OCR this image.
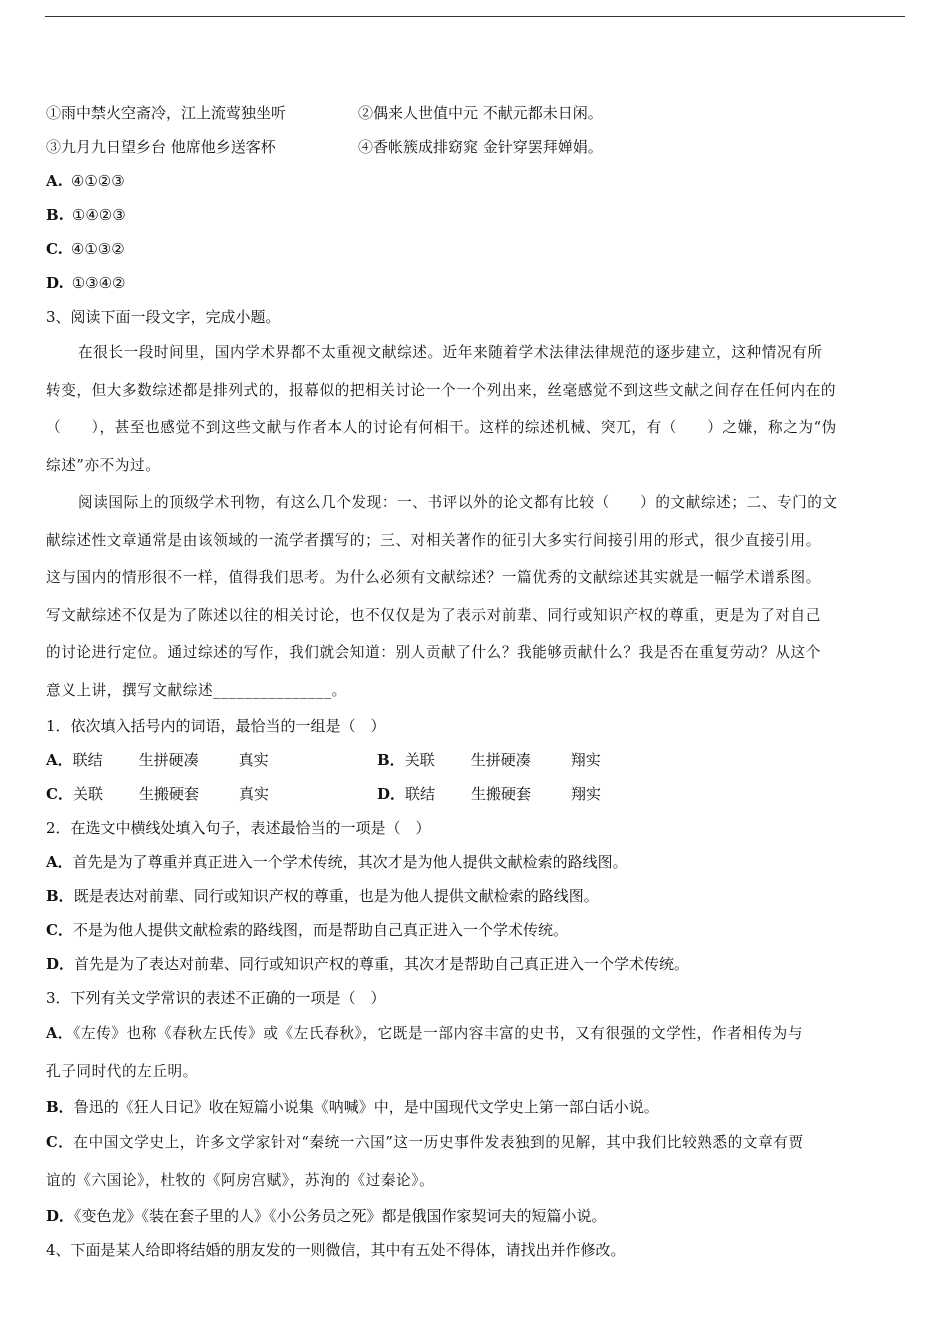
①雨中禁火空斋冷，江上流莺独坐听	②偶来人世值中元 不献元都未日闲。
③九月九日望乡台 他席他乡送客杯	④香帐簇成排窈窕 金针穿罢拜婵娟。
A. ④①②③
B. ①④②③
C. ④①③②
D. ①③④②
3、阅读下面一段文字，完成小题。
在很长一段时间里，国内学术界都不太重视文献综述。近年来随着学术法律法律规范的逐步建立，这种情况有所
转变，但大多数综述都是排列式的，报幕似的把相关讨论一个一个列出来，丝毫感觉不到这些文献之间存在任何内在的
（　　），甚至也感觉不到这些文献与作者本人的讨论有何相干。这样的综述机械、突兀，有（　　）之嫌，称之为“伪
综述”亦不为过。
阅读国际上的顶级学术刊物，有这么几个发现：一、书评以外的论文都有比较（　　）的文献综述；二、专门的文
献综述性文章通常是由该领域的一流学者撰写的；三、对相关著作的征引大多实行间接引用的形式，很少直接引用。
这与国内的情形很不一样，值得我们思考。为什么必须有文献综述？一篇优秀的文献综述其实就是一幅学术谱系图。
写文献综述不仅是为了陈述以往的相关讨论，也不仅仅是为了表示对前辈、同行或知识产权的尊重，更是为了对自己
的讨论进行定位。通过综述的写作，我们就会知道：别人贡献了什么？我能够贡献什么？我是否在重复劳动？从这个
意义上讲，撰写文献综述_______________。
1．依次填入括号内的词语，最恰当的一组是（　）
A．联结 生拼硬凑	真实	B．关联 生拼硬凑	翔实
C．关联 生搬硬套	真实	D．联结 生搬硬套	翔实
2．在选文中横线处填入句子，表述最恰当的一项是（　）
A．首先是为了尊重并真正进入一个学术传统，其次才是为他人提供文献检索的路线图。
B．既是表达对前辈、同行或知识产权的尊重，也是为他人提供文献检索的路线图。
C．不是为他人提供文献检索的路线图，而是帮助自己真正进入一个学术传统。
D．首先是为了表达对前辈、同行或知识产权的尊重，其次才是帮助自己真正进入一个学术传统。
3．下列有关文学常识的表述不正确的一项是（　）
A．《左传》也称《春秋左氏传》或《左氏春秋》，它既是一部内容丰富的史书，又有很强的文学性，作者相传为与
孔子同时代的左丘明。
B．鲁迅的《狂人日记》收在短篇小说集《呐喊》中，是中国现代文学史上第一部白话小说。
C．在中国文学史上，许多文学家针对“秦统一六国”这一历史事件发表独到的见解，其中我们比较熟悉的文章有贾
谊的《六国论》，杜牧的《阿房宫赋》，苏洵的《过秦论》。
D．《变色龙》《装在套子里的人》《小公务员之死》都是俄国作家契诃夫的短篇小说。
4、下面是某人给即将结婚的朋友发的一则微信，其中有五处不得体，请找出并作修改。
